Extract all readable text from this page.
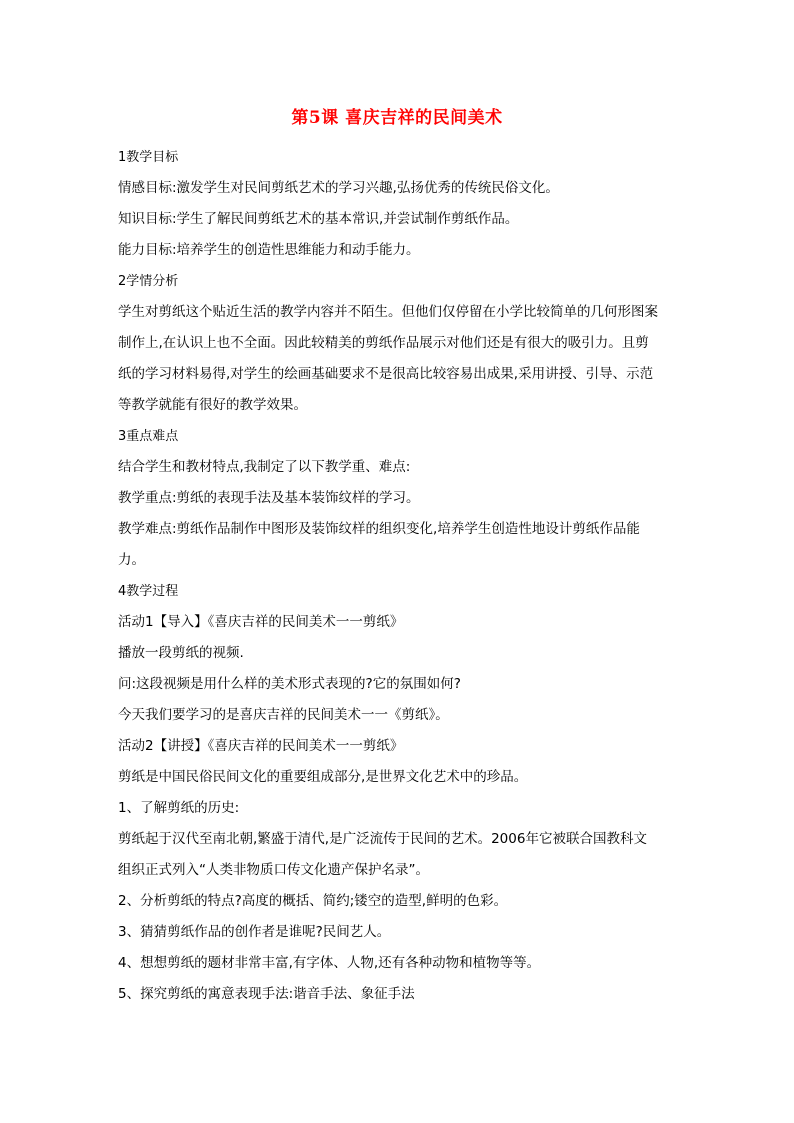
第5课 喜庆吉祥的民间美术

1教学目标

情感目标:激发学生对民间剪纸艺术的学习兴趣,弘扬优秀的传统民俗文化。

知识目标:学生了解民间剪纸艺术的基本常识,并尝试制作剪纸作品。

能力目标:培养学生的创造性思维能力和动手能力。

2学情分析

学生对剪纸这个贴近生活的教学内容并不陌生。但他们仅停留在小学比较简单的几何形图案

制作上,在认识上也不全面。因此较精美的剪纸作品展示对他们还是有很大的吸引力。且剪

纸的学习材料易得,对学生的绘画基础要求不是很高比较容易出成果,采用讲授、引导、示范

等教学就能有很好的教学效果。

3重点难点

结合学生和教材特点,我制定了以下教学重、难点:

教学重点:剪纸的表现手法及基本装饰纹样的学习。

教学难点:剪纸作品制作中图形及装饰纹样的组织变化,培养学生创造性地设计剪纸作品能

力。

4教学过程

活动1【导入】《喜庆吉祥的民间美术一一剪纸》

播放一段剪纸的视频.

问:这段视频是用什么样的美术形式表现的?它的氛围如何?

今天我们要学习的是喜庆吉祥的民间美术一一《剪纸》。

活动2【讲授】《喜庆吉祥的民间美术一一剪纸》

剪纸是中国民俗民间文化的重要组成部分,是世界文化艺术中的珍品。

1、了解剪纸的历史:

剪纸起于汉代至南北朝,繁盛于清代,是广泛流传于民间的艺术。2006年它被联合国教科文

组织正式列入“人类非物质口传文化遗产保护名录”。

2、分析剪纸的特点?高度的概括、简约;镂空的造型,鲜明的色彩。

3、猜猜剪纸作品的创作者是谁呢?民间艺人。

4、想想剪纸的题材非常丰富,有字体、人物,还有各种动物和植物等等。

5、探究剪纸的寓意表现手法:谐音手法、象征手法
